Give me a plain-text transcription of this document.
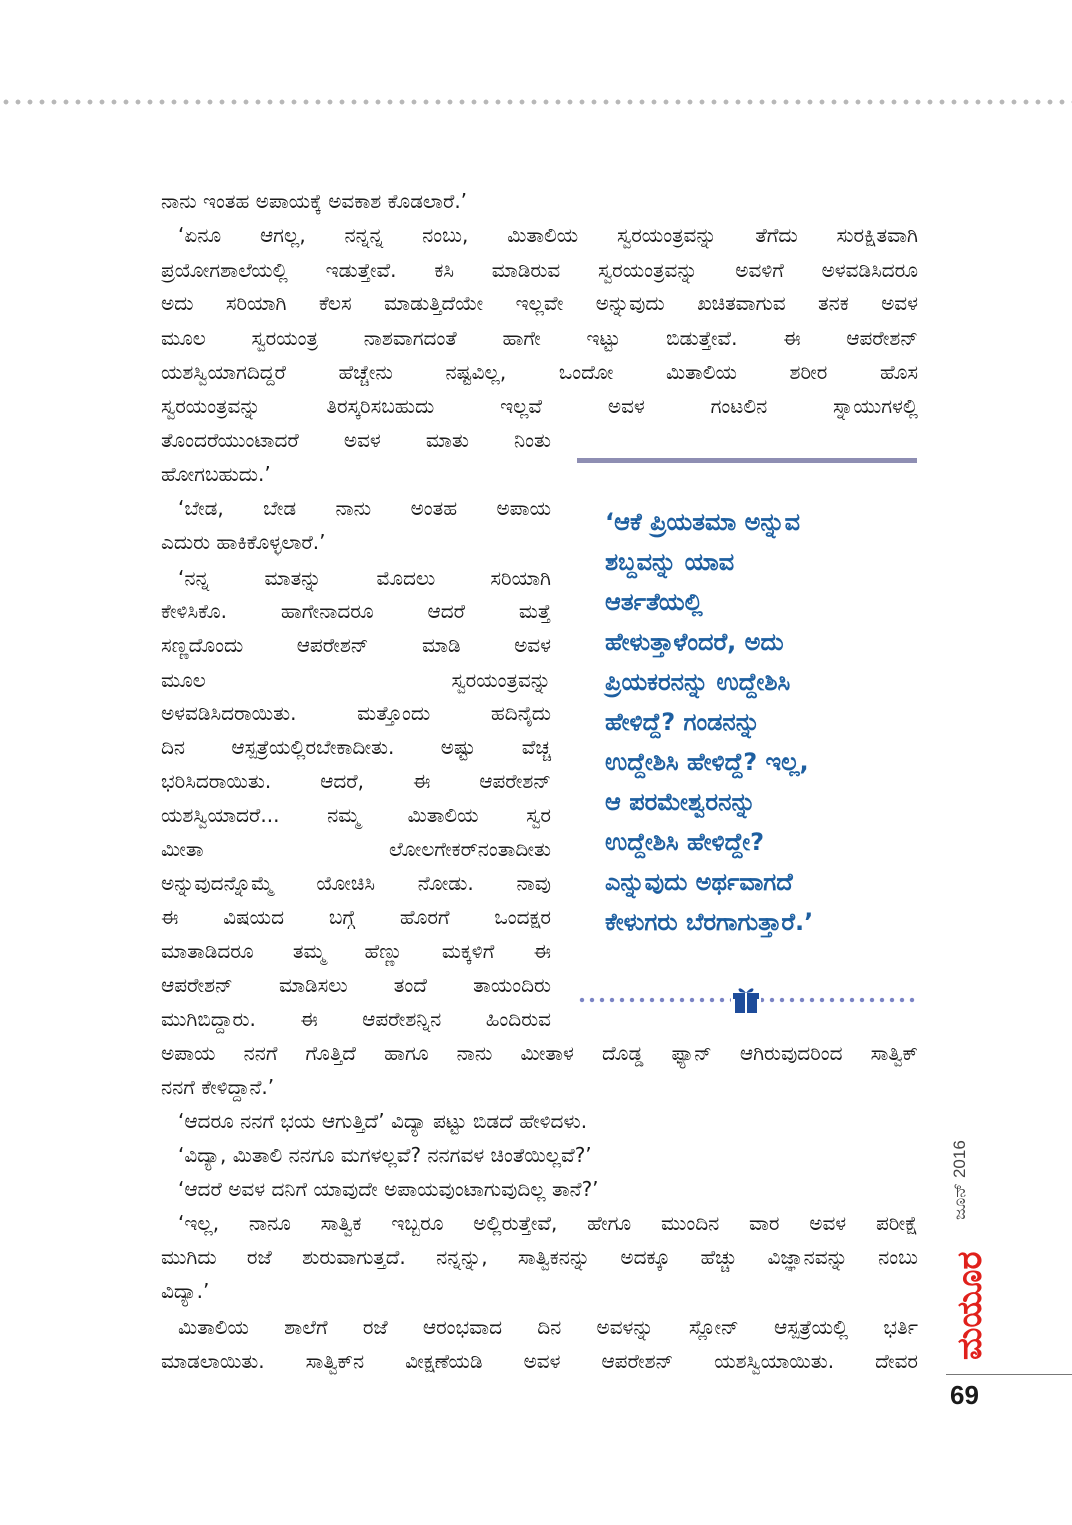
ನಾನು ಇಂತಹ ಅಪಾಯಕ್ಕೆ ಅವಕಾಶ ಕೊಡಲಾರೆ.’
‘ಏನೂ ಆಗಲ್ಲ, ನನ್ನನ್ನ ನಂಬು, ಮಿತಾಲಿಯ ಸ್ವರಯಂತ್ರವನ್ನು ತೆಗೆದು ಸುರಕ್ಷಿತವಾಗಿ
ಪ್ರಯೋಗಶಾಲೆಯಲ್ಲಿ ಇಡುತ್ತೇವೆ. ಕಸಿ ಮಾಡಿರುವ ಸ್ವರಯಂತ್ರವನ್ನು ಅವಳಿಗೆ ಅಳವಡಿಸಿದರೂ
ಅದು ಸರಿಯಾಗಿ ಕೆಲಸ ಮಾಡುತ್ತಿದೆಯೇ ಇಲ್ಲವೇ ಅನ್ನುವುದು ಖಚಿತವಾಗುವ ತನಕ ಅವಳ
ಮೂಲ ಸ್ವರಯಂತ್ರ ನಾಶವಾಗದಂತೆ ಹಾಗೇ ಇಟ್ಟು ಬಿಡುತ್ತೇವೆ. ಈ ಆಪರೇಶನ್
ಯಶಸ್ವಿಯಾಗದಿದ್ದರೆ ಹೆಚ್ಚೇನು ನಷ್ಟವಿಲ್ಲ, ಒಂದೋ ಮಿತಾಲಿಯ ಶರೀರ ಹೊಸ
ಸ್ವರಯಂತ್ರವನ್ನು ತಿರಸ್ಕರಿಸಬಹುದು ಇಲ್ಲವೆ ಅವಳ ಗಂಟಲಿನ ಸ್ನಾಯುಗಳಲ್ಲಿ
ತೊಂದರೆಯುಂಟಾದರೆ ಅವಳ ಮಾತು ನಿಂತು
ಹೋಗಬಹುದು.’
‘ಬೇಡ, ಬೇಡ ನಾನು ಅಂತಹ ಅಪಾಯ
ಎದುರು ಹಾಕಿಕೊಳ್ಳಲಾರೆ.’
‘ನನ್ನ ಮಾತನ್ನು ಮೊದಲು ಸರಿಯಾಗಿ
ಕೇಳಿಸಿಕೊ. ಹಾಗೇನಾದರೂ ಆದರೆ ಮತ್ತೆ
ಸಣ್ಣದೊಂದು ಆಪರೇಶನ್ ಮಾಡಿ ಅವಳ
ಮೂಲ ಸ್ವರಯಂತ್ರವನ್ನು
ಅಳವಡಿಸಿದರಾಯಿತು. ಮತ್ತೊಂದು ಹದಿನೈದು
ದಿನ ಆಸ್ಪತ್ರೆಯಲ್ಲಿರಬೇಕಾದೀತು. ಅಷ್ಟು ವೆಚ್ಚ
ಭರಿಸಿದರಾಯಿತು. ಆದರೆ, ಈ ಆಪರೇಶನ್
ಯಶಸ್ವಿಯಾದರೆ... ನಮ್ಮ ಮಿತಾಲಿಯ ಸ್ವರ
ಮೀತಾ ಲೋಲಗೇಕರ್‌ನಂತಾದೀತು
ಅನ್ನುವುದನ್ನೊಮ್ಮೆ ಯೋಚಿಸಿ ನೋಡು. ನಾವು
ಈ ವಿಷಯದ ಬಗ್ಗೆ ಹೊರಗೆ ಒಂದಕ್ಷರ
ಮಾತಾಡಿದರೂ ತಮ್ಮ ಹೆಣ್ಣು ಮಕ್ಕಳಿಗೆ ಈ
ಆಪರೇಶನ್ ಮಾಡಿಸಲು ತಂದೆ ತಾಯಂದಿರು
ಮುಗಿಬಿದ್ದಾರು. ಈ ಆಪರೇಶನ್ನಿನ ಹಿಂದಿರುವ
‘ಆಕೆ ಪ್ರಿಯತಮಾ ಅನ್ನುವ
ಶಬ್ದವನ್ನು ಯಾವ
ಆರ್ತತೆಯಲ್ಲಿ
ಹೇಳುತ್ತಾಳೆಂದರೆ, ಅದು
ಪ್ರಿಯಕರನನ್ನು ಉದ್ದೇಶಿಸಿ
ಹೇಳಿದ್ದೆ? ಗಂಡನನ್ನು
ಉದ್ದೇಶಿಸಿ ಹೇಳಿದ್ದೆ? ಇಲ್ಲ,
ಆ ಪರಮೇಶ್ವರನನ್ನು
ಉದ್ದೇಶಿಸಿ ಹೇಳಿದ್ದೇ?
ಎನ್ನುವುದು ಅರ್ಥವಾಗದೆ
ಕೇಳುಗರು ಬೆರಗಾಗುತ್ತಾರೆ.’
ಅಪಾಯ ನನಗೆ ಗೊತ್ತಿದೆ ಹಾಗೂ ನಾನು ಮೀತಾಳ ದೊಡ್ಡ ಫ್ಯಾನ್ ಆಗಿರುವುದರಿಂದ ಸಾತ್ವಿಕ್
ನನಗೆ ಕೇಳಿದ್ದಾನೆ.’
‘ಆದರೂ ನನಗೆ ಭಯ ಆಗುತ್ತಿದೆ’ ವಿದ್ಯಾ ಪಟ್ಟು ಬಿಡದೆ ಹೇಳಿದಳು.
‘ವಿದ್ಯಾ, ಮಿತಾಲಿ ನನಗೂ ಮಗಳಲ್ಲವೆ? ನನಗವಳ ಚಿಂತೆಯಿಲ್ಲವೆ?’
‘ಆದರೆ ಅವಳ ದನಿಗೆ ಯಾವುದೇ ಅಪಾಯವುಂಟಾಗುವುದಿಲ್ಲ ತಾನೆ?’
‘ಇಲ್ಲ, ನಾನೂ ಸಾತ್ವಿಕ ಇಬ್ಬರೂ ಅಲ್ಲಿರುತ್ತೇವೆ, ಹೇಗೂ ಮುಂದಿನ ವಾರ ಅವಳ ಪರೀಕ್ಷೆ
ಮುಗಿದು ರಜೆ ಶುರುವಾಗುತ್ತದೆ. ನನ್ನನ್ನು, ಸಾತ್ವಿಕನನ್ನು ಅದಕ್ಕೂ ಹೆಚ್ಚು ವಿಜ್ಞಾನವನ್ನು ನಂಬು
ವಿದ್ಯಾ.’
ಮಿತಾಲಿಯ ಶಾಲೆಗೆ ರಜೆ ಆರಂಭವಾದ ದಿನ ಅವಳನ್ನು ಸ್ಲೋನ್ ಆಸ್ಪತ್ರೆಯಲ್ಲಿ ಭರ್ತಿ
ಮಾಡಲಾಯಿತು. ಸಾತ್ವಿಕ್‌ನ ವೀಕ್ಷಣೆಯಡಿ ಅವಳ ಆಪರೇಶನ್ ಯಶಸ್ವಿಯಾಯಿತು. ದೇವರ
ಜೂನ್ 2016
ಮಯೂರ
69
